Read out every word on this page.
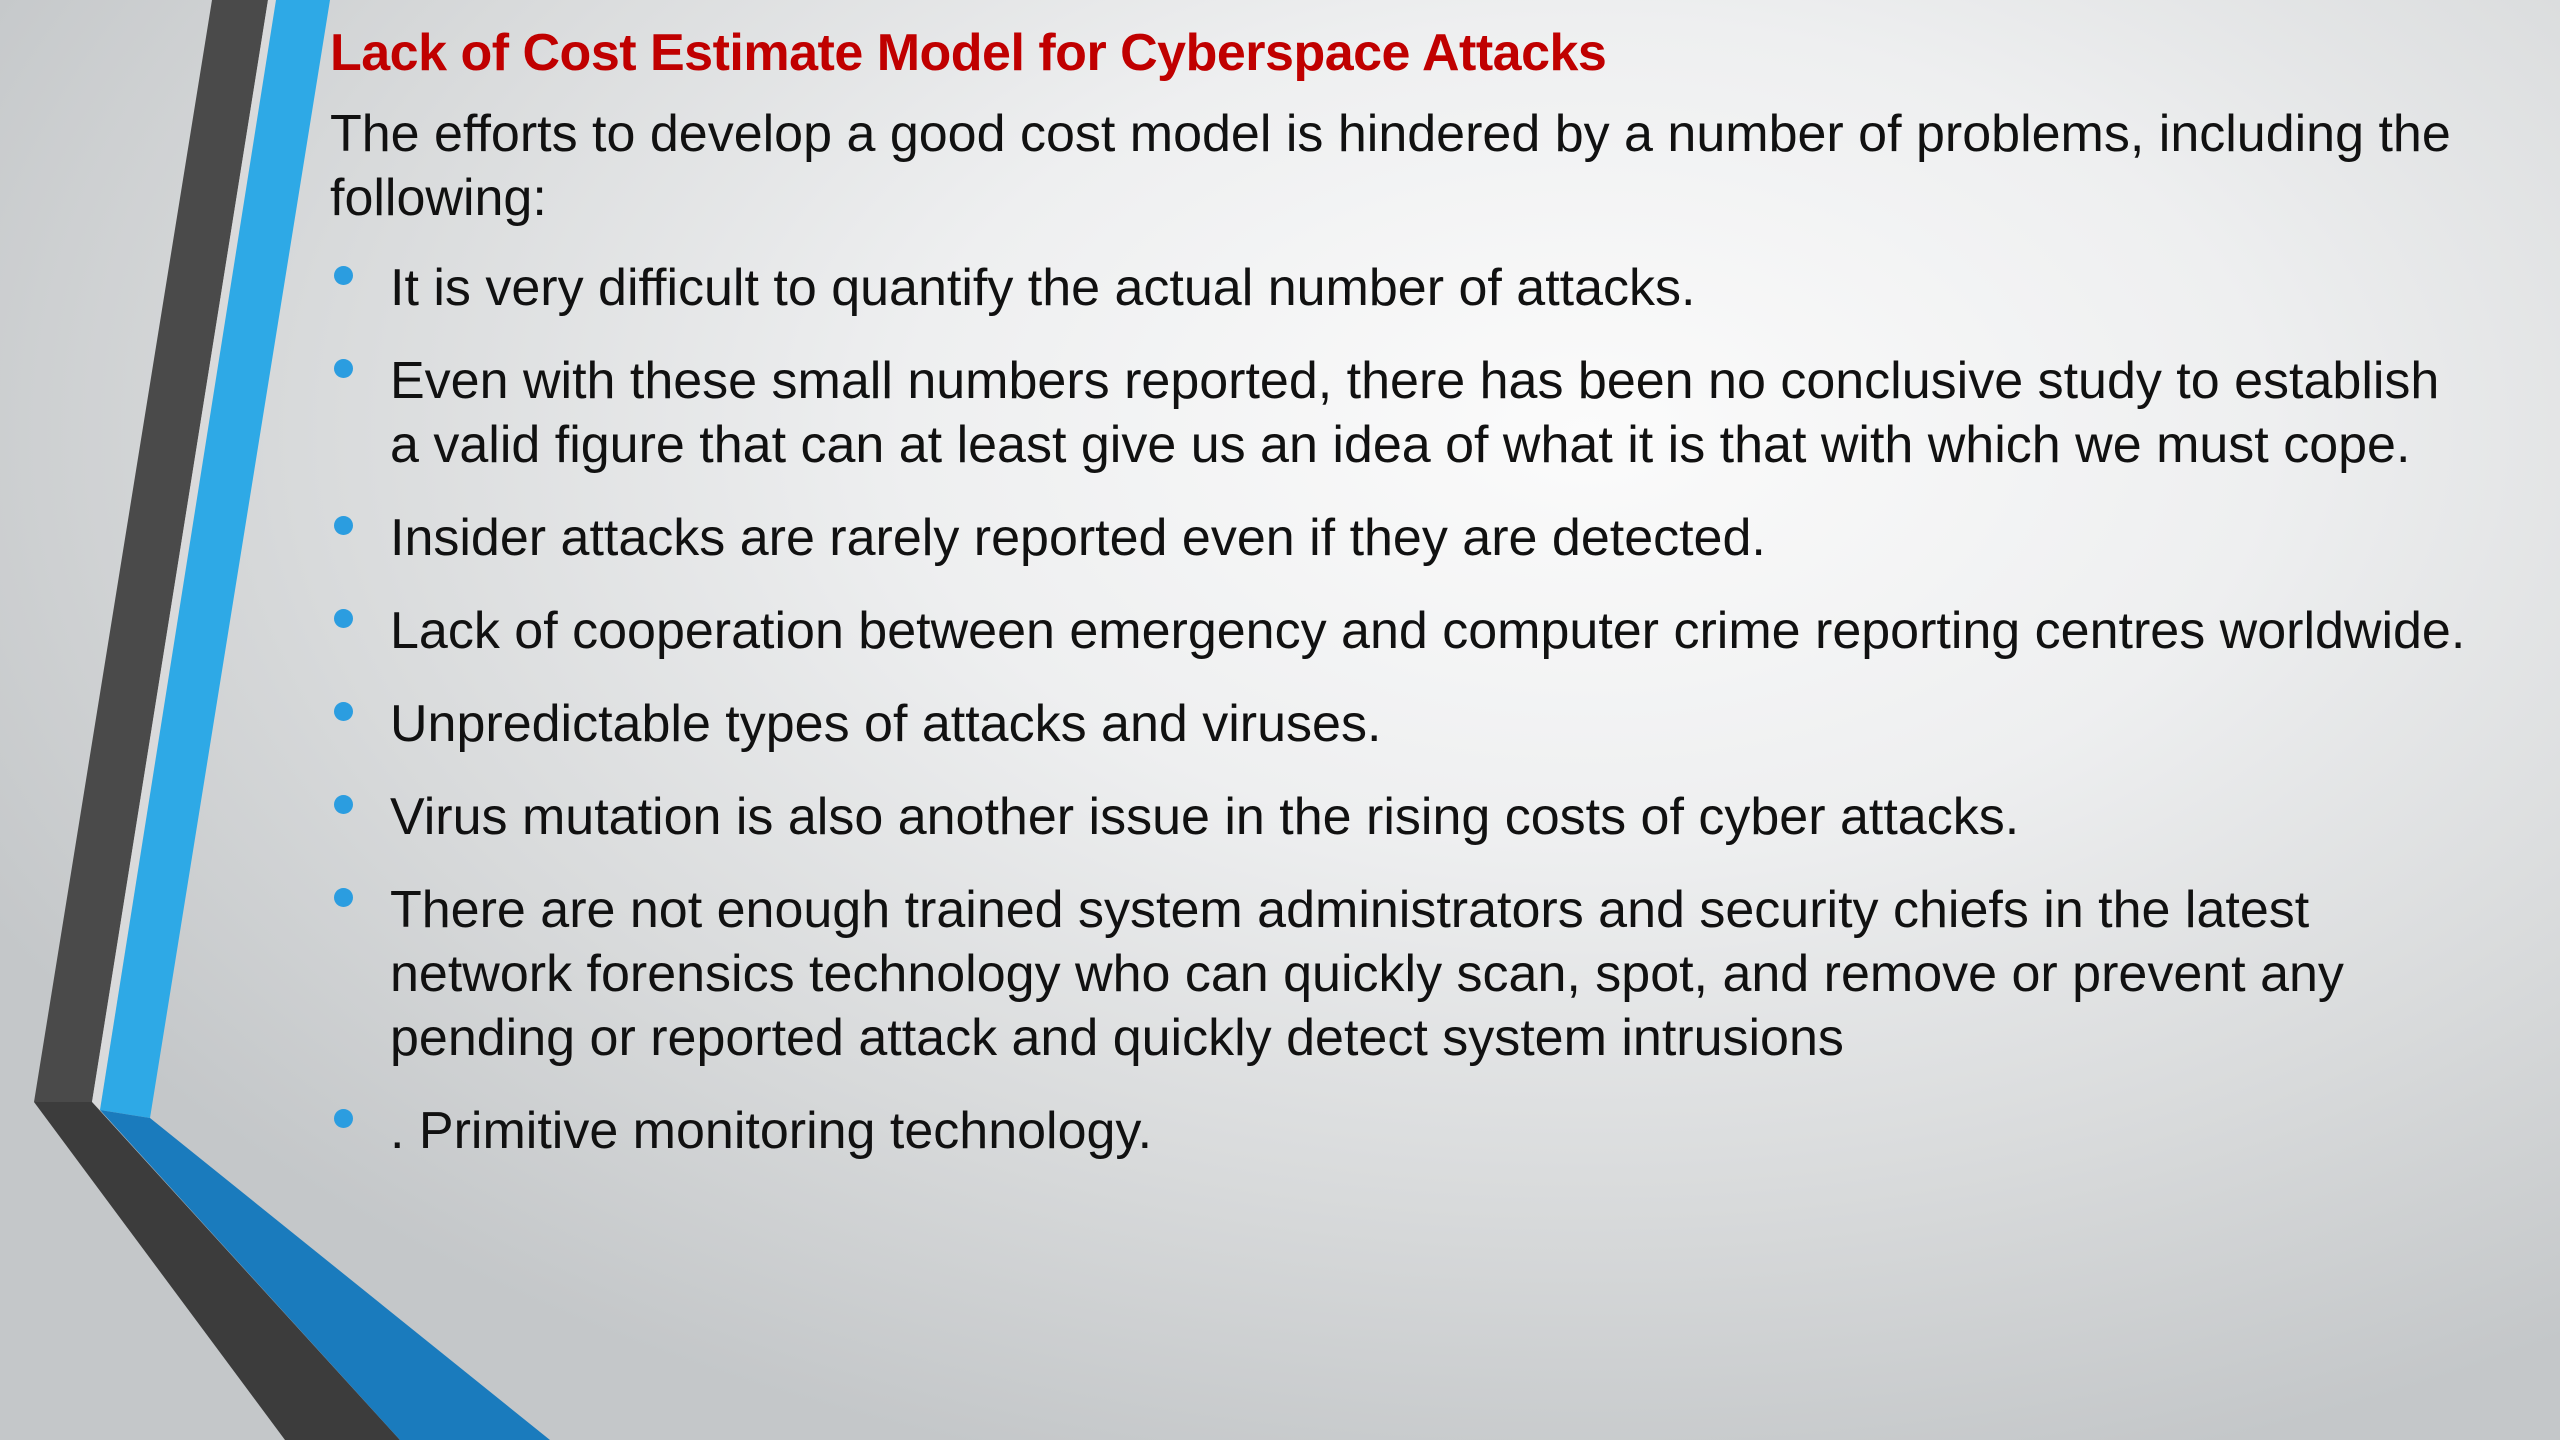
Lack of Cost Estimate Model for Cyberspace Attacks

The efforts to develop a good cost model is hindered by a number of problems, including the following:

It is very difficult to quantify the actual number of attacks.
Even with these small numbers reported, there has been no conclusive study to establish a valid figure that can at least give us an idea of what it is that with which we must cope.
Insider attacks are rarely reported even if they are detected.
Lack of cooperation between emergency and computer crime reporting centres worldwide.
Unpredictable types of attacks and viruses.
Virus mutation is also another issue in the rising costs of cyber attacks.
There are not enough trained system administrators and security chiefs in the latest network forensics technology who can quickly scan, spot, and remove or prevent any pending or reported attack and quickly detect system intrusions
. Primitive monitoring technology.
